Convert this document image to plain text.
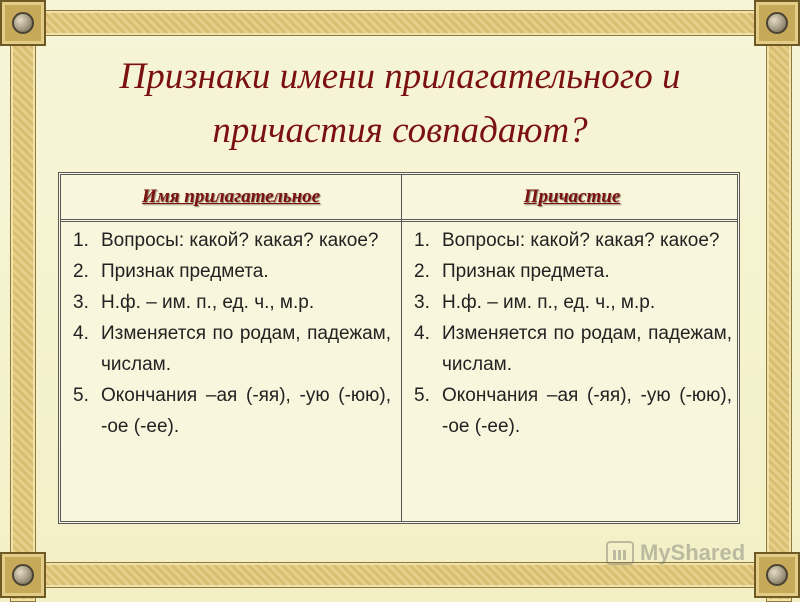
Признаки имени прилагательного и причастия совпадают?
Имя прилагательное	Причастие
1. Вопросы: какой? какая? какое?
2. Признак предмета.
3. Н.ф. – им. п., ед. ч., м.р.
4. Изменяется по родам, падежам, числам.
5. Окончания –ая (-яя), -ую (-юю), -ое (-ее).
1. Вопросы: какой? какая? какое?
2. Признак предмета.
3. Н.ф. – им. п., ед. ч., м.р.
4. Изменяется по родам, падежам, числам.
5. Окончания –ая (-яя), -ую (-юю), -ое (-ее).
MyShared
